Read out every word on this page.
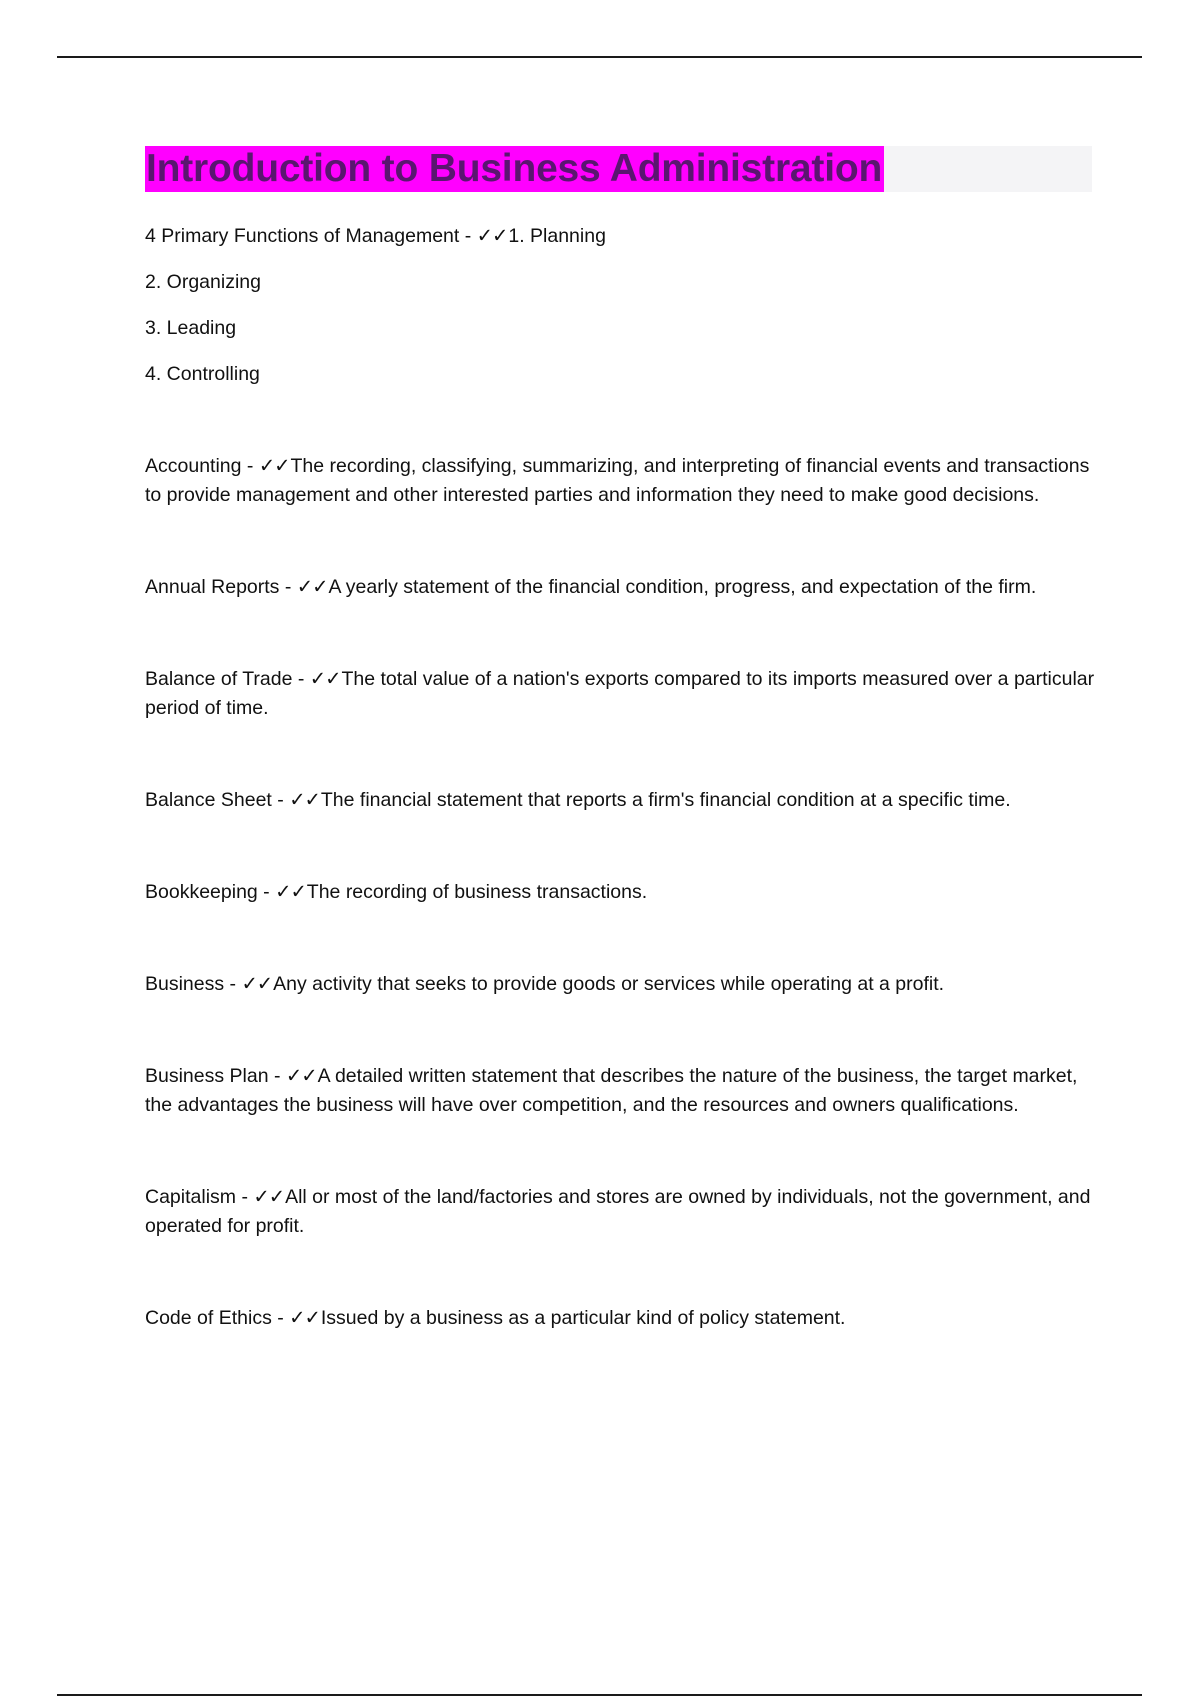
Introduction to Business Administration

4 Primary Functions of Management - ✓✓1. Planning

2. Organizing

3. Leading

4. Controlling

Accounting - ✓✓The recording, classifying, summarizing, and interpreting of financial events and transactions to provide management and other interested parties and information they need to make good decisions.

Annual Reports - ✓✓A yearly statement of the financial condition, progress, and expectation of the firm.

Balance of Trade - ✓✓The total value of a nation's exports compared to its imports measured over a particular period of time.

Balance Sheet - ✓✓The financial statement that reports a firm's financial condition at a specific time.

Bookkeeping - ✓✓The recording of business transactions.

Business - ✓✓Any activity that seeks to provide goods or services while operating at a profit.

Business Plan - ✓✓A detailed written statement that describes the nature of the business, the target market, the advantages the business will have over competition, and the resources and owners qualifications.

Capitalism - ✓✓All or most of the land/factories and stores are owned by individuals, not the government, and operated for profit.

Code of Ethics - ✓✓Issued by a business as a particular kind of policy statement.
